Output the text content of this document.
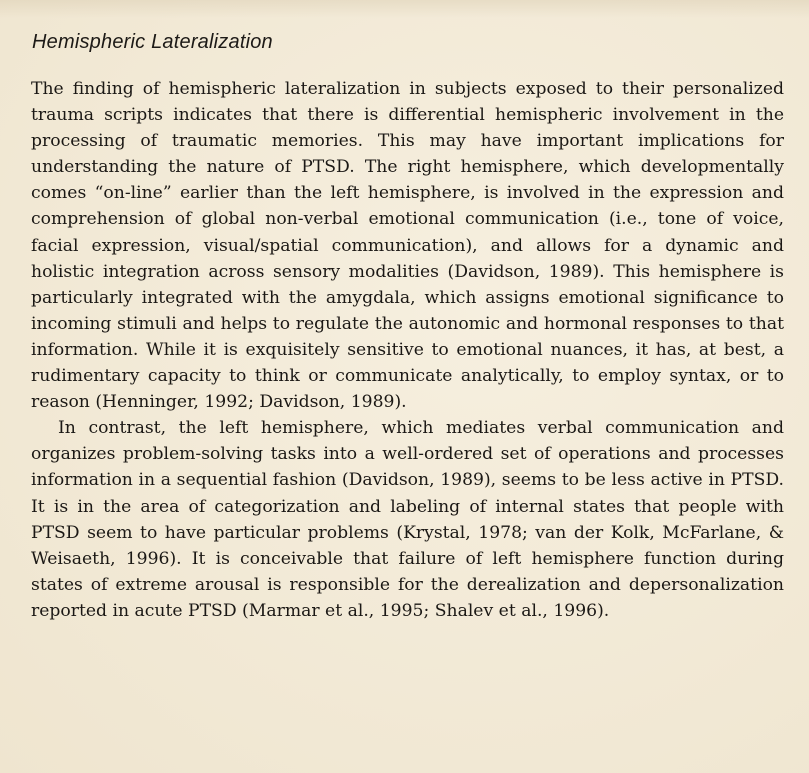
Hemispheric Lateralization

The finding of hemispheric lateralization in subjects exposed to their personalized trauma scripts indicates that there is differential hemispheric involvement in the processing of traumatic memories. This may have important implications for understanding the nature of PTSD. The right hemisphere, which developmentally comes “on-line” earlier than the left hemisphere, is involved in the expression and comprehension of global non-verbal emotional communication (i.e., tone of voice, facial expression, visual/spatial communication), and allows for a dynamic and holistic integration across sensory modalities (Davidson, 1989). This hemisphere is particularly integrated with the amygdala, which assigns emotional significance to incoming stimuli and helps to regulate the autonomic and hormonal responses to that information. While it is exquisitely sensitive to emotional nuances, it has, at best, a rudimentary capacity to think or communicate analytically, to employ syntax, or to reason (Henninger, 1992; Davidson, 1989).

In contrast, the left hemisphere, which mediates verbal communication and organizes problem-solving tasks into a well-ordered set of operations and processes information in a sequential fashion (Davidson, 1989), seems to be less active in PTSD. It is in the area of categorization and labeling of internal states that people with PTSD seem to have particular problems (Krystal, 1978; van der Kolk, McFarlane, & Weisaeth, 1996). It is conceivable that failure of left hemisphere function during states of extreme arousal is responsible for the derealization and depersonalization reported in acute PTSD (Marmar et al., 1995; Shalev et al., 1996).
